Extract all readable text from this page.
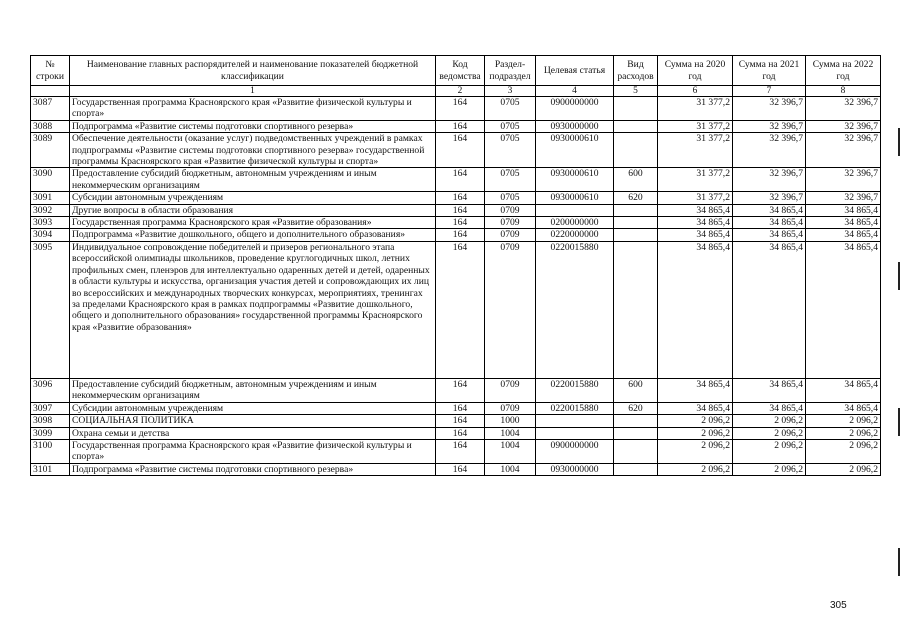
№ строки	Наименование главных распорядителей и наименование показателей бюджетной классификации	Код ведомства	Раздел-подраздел	Целевая статья	Вид расходов	Сумма на 2020 год	Сумма на 2021 год	Сумма на 2022 год
	1	2	3	4	5	6	7	8
3087	Государственная программа Красноярского края «Развитие физической культуры и спорта»	164	0705	0900000000		31 377,2	32 396,7	32 396,7
3088	Подпрограмма «Развитие системы подготовки спортивного резерва»	164	0705	0930000000		31 377,2	32 396,7	32 396,7
3089	Обеспечение деятельности (оказание услуг) подведомственных учреждений в рамках подпрограммы «Развитие системы подготовки спортивного резерва» государственной программы Красноярского края «Развитие физической культуры и спорта»	164	0705	0930000610		31 377,2	32 396,7	32 396,7
3090	Предоставление субсидий бюджетным, автономным учреждениям и иным некоммерческим организациям	164	0705	0930000610	600	31 377,2	32 396,7	32 396,7
3091	Субсидии автономным учреждениям	164	0705	0930000610	620	31 377,2	32 396,7	32 396,7
3092	Другие вопросы в области образования	164	0709			34 865,4	34 865,4	34 865,4
3093	Государственная программа Красноярского края «Развитие образования»	164	0709	0200000000		34 865,4	34 865,4	34 865,4
3094	Подпрограмма «Развитие дошкольного, общего и дополнительного образования»	164	0709	0220000000		34 865,4	34 865,4	34 865,4
3095	Индивидуальное сопровождение победителей и призеров регионального этапа всероссийской олимпиады школьников, проведение круглогодичных школ, летних профильных смен, пленэров для интеллектуально одаренных детей и детей, одаренных в области культуры и искусства, организация участия детей и сопровождающих их лиц во всероссийских и международных творческих конкурсах, мероприятиях, тренингах за пределами Красноярского края в рамках подпрограммы «Развитие дошкольного, общего и дополнительного образования» государственной программы Красноярского края «Развитие образования»	164	0709	0220015880		34 865,4	34 865,4	34 865,4
3096	Предоставление субсидий бюджетным, автономным учреждениям и иным некоммерческим организациям	164	0709	0220015880	600	34 865,4	34 865,4	34 865,4
3097	Субсидии автономным учреждениям	164	0709	0220015880	620	34 865,4	34 865,4	34 865,4
3098	СОЦИАЛЬНАЯ ПОЛИТИКА	164	1000			2 096,2	2 096,2	2 096,2
3099	Охрана семьи и детства	164	1004			2 096,2	2 096,2	2 096,2
3100	Государственная программа Красноярского края «Развитие физической культуры и спорта»	164	1004	0900000000		2 096,2	2 096,2	2 096,2
3101	Подпрограмма «Развитие системы подготовки спортивного резерва»	164	1004	0930000000		2 096,2	2 096,2	2 096,2
305
